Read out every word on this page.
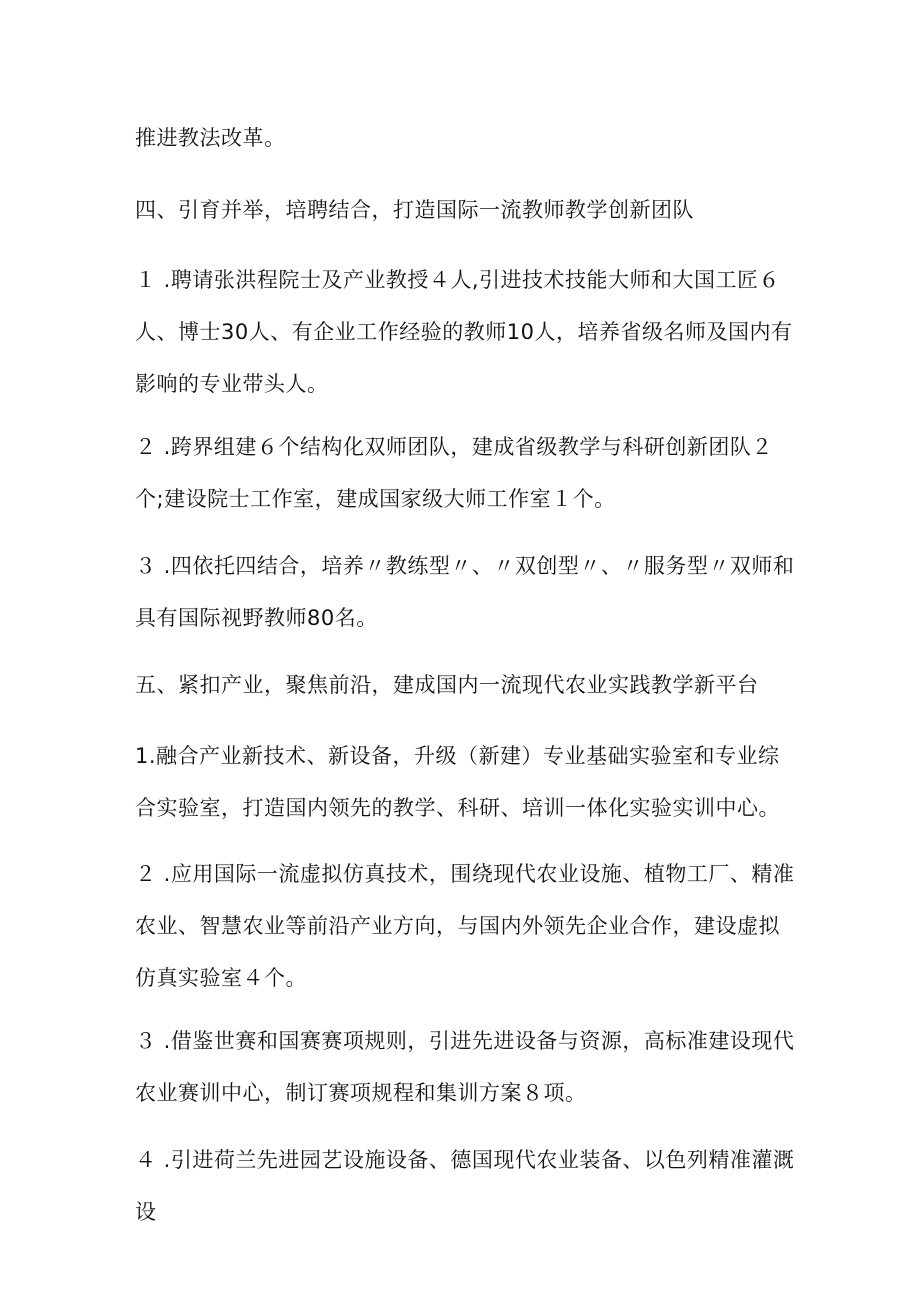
推进教法改革。

四、引育并举，培聘结合，打造国际一流教师教学创新团队

１ .聘请张洪程院士及产业教授４人,引进技术技能大师和大国工匠６人、博士30人、有企业工作经验的教师10人，培养省级名师及国内有影响的专业带头人。

２ .跨界组建６个结构化双师团队，建成省级教学与科研创新团队２个;建设院士工作室，建成国家级大师工作室１个。

３ .四依托四结合，培养〃教练型〃、〃双创型〃、〃服务型〃双师和具有国际视野教师80名。

五、紧扣产业，聚焦前沿，建成国内一流现代农业实践教学新平台

1.融合产业新技术、新设备，升级（新建）专业基础实验室和专业综合实验室，打造国内领先的教学、科研、培训一体化实验实训中心。

２ .应用国际一流虚拟仿真技术，围绕现代农业设施、植物工厂、精准农业、智慧农业等前沿产业方向，与国内外领先企业合作，建设虚拟仿真实验室４个。

３ .借鉴世赛和国赛赛项规则，引进先进设备与资源，高标准建设现代农业赛训中心，制订赛项规程和集训方案８项。

４ .引进荷兰先进园艺设施设备、德国现代农业装备、以色列精准灌溉设
